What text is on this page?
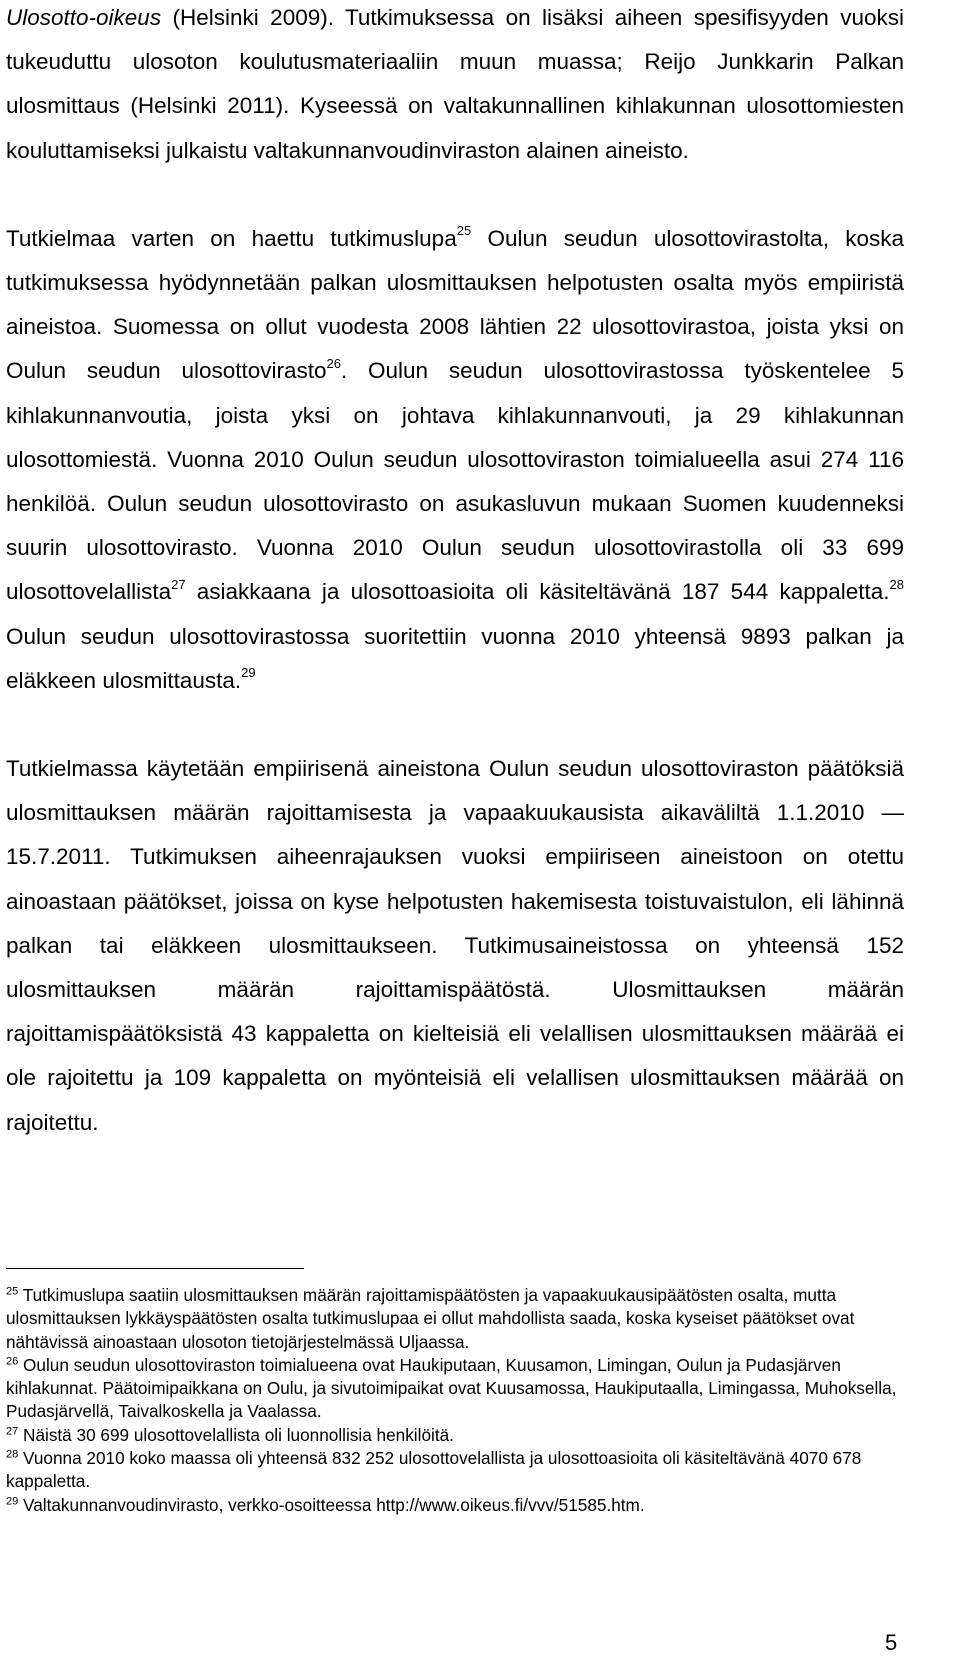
Ulosotto-oikeus (Helsinki 2009). Tutkimuksessa on lisäksi aiheen spesifisyyden vuoksi tukeuduttu ulosoton koulutusmateriaaliin muun muassa; Reijo Junkkarin Palkan ulosmittaus (Helsinki 2011). Kyseessä on valtakunnallinen kihlakunnan ulosottomiesten kouluttamiseksi julkaistu valtakunnanvoudinviraston alainen aineisto.

Tutkielmaa varten on haettu tutkimuslupa$^{25}$ Oulun seudun ulosottovirastolta, koska tutkimuksessa hyödynnetään palkan ulosmittauksen helpotusten osalta myös empiiristä aineistoa. Suomessa on ollut vuodesta 2008 lähtien 22 ulosottovirastoa, joista yksi on Oulun seudun ulosottovirasto$^{26}$. Oulun seudun ulosottovirastossa työskentelee 5 kihlakunnanvoutia, joista yksi on johtava kihlakunnanvouti, ja 29 kihlakunnan ulosottomiestä. Vuonna 2010 Oulun seudun ulosottoviraston toimialueella asui 274 116 henkilöä. Oulun seudun ulosottovirasto on asukasluvun mukaan Suomen kuudenneksi suurin ulosottovirasto. Vuonna 2010 Oulun seudun ulosottovirastolla oli 33 699 ulosottovelallista$^{27}$ asiakkaana ja ulosottoasioita oli käsiteltävänä 187 544 kappaletta.$^{28}$ Oulun seudun ulosottovirastossa suoritettiin vuonna 2010 yhteensä 9893 palkan ja eläkkeen ulosmittausta.$^{29}$

Tutkielmassa käytetään empiirisenä aineistona Oulun seudun ulosottoviraston päätöksiä ulosmittauksen määrän rajoittamisesta ja vapaakuukausista aikaväliltä 1.1.2010 — 15.7.2011. Tutkimuksen aiheenrajauksen vuoksi empiiriseen aineistoon on otettu ainoastaan päätökset, joissa on kyse helpotusten hakemisesta toistuvaistulon, eli lähinnä palkan tai eläkkeen ulosmittaukseen. Tutkimusaineistossa on yhteensä 152 ulosmittauksen määrän rajoittamispäätöstä. Ulosmittauksen määrän rajoittamispäätöksistä 43 kappaletta on kielteisiä eli velallisen ulosmittauksen määrää ei ole rajoitettu ja 109 kappaletta on myönteisiä eli velallisen ulosmittauksen määrää on rajoitettu.

$^{25}$ Tutkimuslupa saatiin ulosmittauksen määrän rajoittamispäätösten ja vapaakuukausipäätösten osalta, mutta ulosmittauksen lykkäyspäätösten osalta tutkimuslupaa ei ollut mahdollista saada, koska kyseiset päätökset ovat nähtävissä ainoastaan ulosoton tietojärjestelmässä Uljaassa.

$^{26}$ Oulun seudun ulosottoviraston toimialueena ovat Haukiputaan, Kuusamon, Limingan, Oulun ja Pudasjärven kihlakunnat. Päätoimipaikkana on Oulu, ja sivutoimipaikat ovat Kuusamossa, Haukiputaalla, Limingassa, Muhoksella, Pudasjärvellä, Taivalkoskella ja Vaalassa.

$^{27}$ Näistä 30 699 ulosottovelallista oli luonnollisia henkilöitä.

$^{28}$ Vuonna 2010 koko maassa oli yhteensä 832 252 ulosottovelallista ja ulosottoasioita oli käsiteltävänä 4070 678 kappaletta.

$^{29}$ Valtakunnanvoudinvirasto, verkko-osoitteessa http://www.oikeus.fi/vvv/51585.htm.

5
